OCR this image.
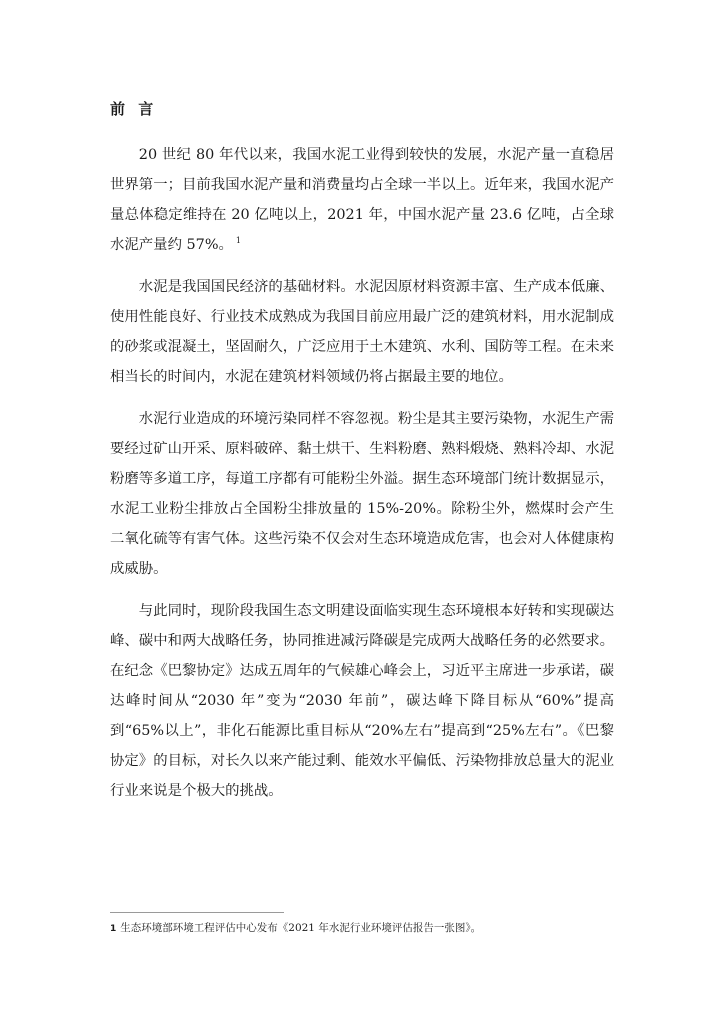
前 言

20 世纪 80 年代以来，我国水泥工业得到较快的发展，水泥产量一直稳居世界第一；目前我国水泥产量和消费量均占全球一半以上。近年来，我国水泥产量总体稳定维持在 20 亿吨以上，2021 年，中国水泥产量 23.6 亿吨，占全球水泥产量约 57%。 $^1$

水泥是我国国民经济的基础材料。水泥因原材料资源丰富、生产成本低廉、使用性能良好、行业技术成熟成为我国目前应用最广泛的建筑材料，用水泥制成的砂浆或混凝土，坚固耐久，广泛应用于土木建筑、水利、国防等工程。在未来相当长的时间内，水泥在建筑材料领域仍将占据最主要的地位。

水泥行业造成的环境污染同样不容忽视。粉尘是其主要污染物，水泥生产需要经过矿山开采、原料破碎、黏土烘干、生料粉磨、熟料煅烧、熟料冷却、水泥粉磨等多道工序，每道工序都有可能粉尘外溢。据生态环境部门统计数据显示，水泥工业粉尘排放占全国粉尘排放量的 15%-20%。除粉尘外，燃煤时会产生二氧化硫等有害气体。这些污染不仅会对生态环境造成危害，也会对人体健康构成威胁。

与此同时，现阶段我国生态文明建设面临实现生态环境根本好转和实现碳达峰、碳中和两大战略任务，协同推进减污降碳是完成两大战略任务的必然要求。在纪念《巴黎协定》达成五周年的气候雄心峰会上，习近平主席进一步承诺，碳达峰时间从“2030 年”变为“2030 年前”，碳达峰下降目标从“60%”提高到“65%以上”，非化石能源比重目标从“20%左右”提高到“25%左右”。《巴黎协定》的目标，对长久以来产能过剩、能效水平偏低、污染物排放总量大的泥业行业来说是个极大的挑战。

1 生态环境部环境工程评估中心发布《2021 年水泥行业环境评估报告一张图》。
